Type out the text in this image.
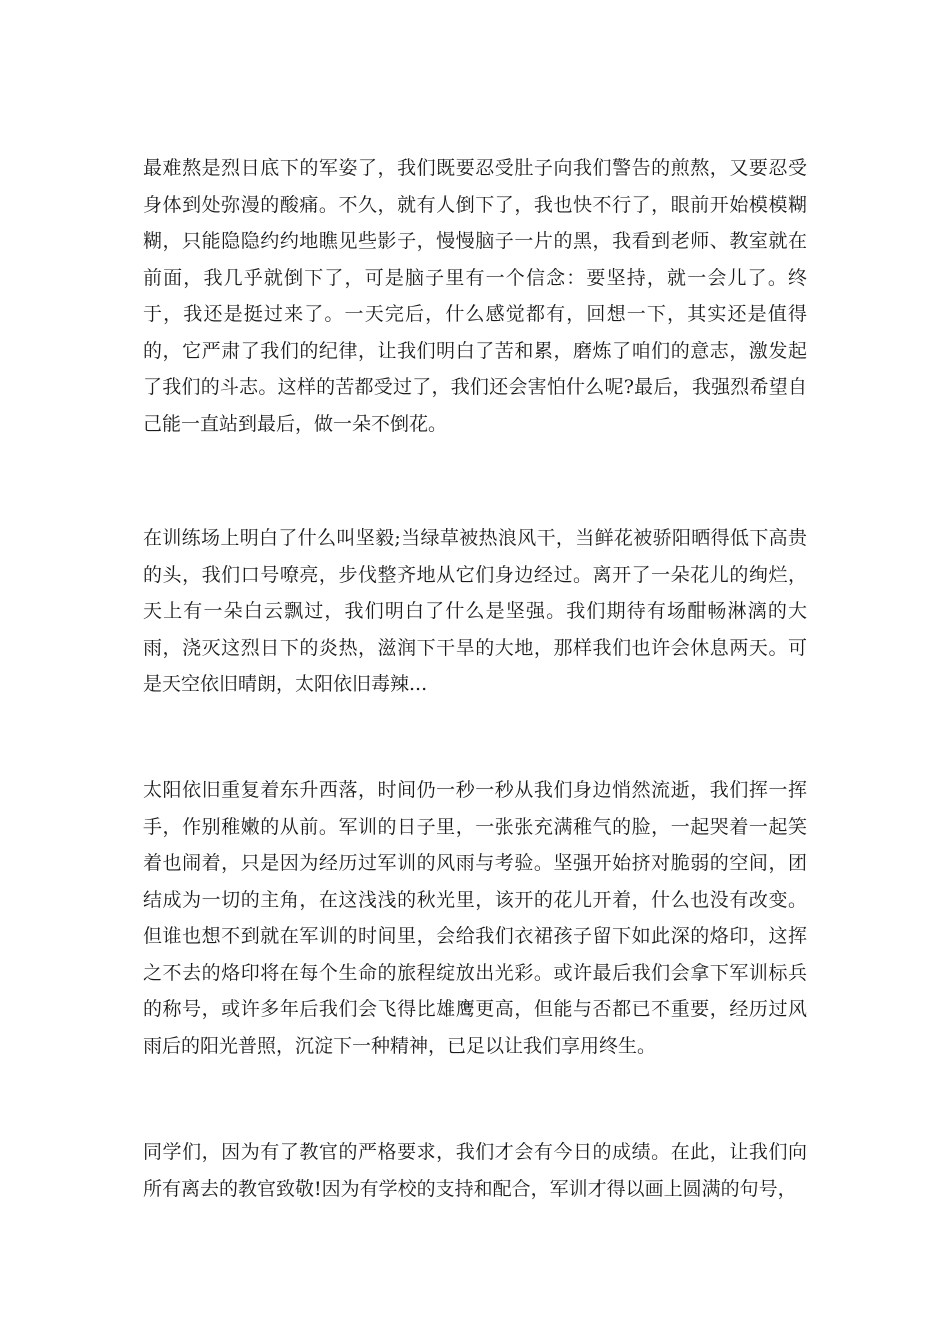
最难熬是烈日底下的军姿了，我们既要忍受肚子向我们警告的煎熬，又要忍受身体到处弥漫的酸痛。不久，就有人倒下了，我也快不行了，眼前开始模模糊糊，只能隐隐约约地瞧见些影子，慢慢脑子一片的黑，我看到老师、教室就在前面，我几乎就倒下了，可是脑子里有一个信念：要坚持，就一会儿了。终于，我还是挺过来了。一天完后，什么感觉都有，回想一下，其实还是值得的，它严肃了我们的纪律，让我们明白了苦和累，磨炼了咱们的意志，激发起了我们的斗志。这样的苦都受过了，我们还会害怕什么呢?最后，我强烈希望自己能一直站到最后，做一朵不倒花。

在训练场上明白了什么叫坚毅;当绿草被热浪风干，当鲜花被骄阳晒得低下高贵的头，我们口号嘹亮，步伐整齐地从它们身边经过。离开了一朵花儿的绚烂，天上有一朵白云飘过，我们明白了什么是坚强。我们期待有场酣畅淋漓的大雨，浇灭这烈日下的炎热，滋润下干旱的大地，那样我们也许会休息两天。可是天空依旧晴朗，太阳依旧毒辣...

太阳依旧重复着东升西落，时间仍一秒一秒从我们身边悄然流逝，我们挥一挥手，作别稚嫩的从前。军训的日子里，一张张充满稚气的脸，一起哭着一起笑着也闹着，只是因为经历过军训的风雨与考验。坚强开始挤对脆弱的空间，团结成为一切的主角，在这浅浅的秋光里，该开的花儿开着，什么也没有改变。但谁也想不到就在军训的时间里，会给我们衣裙孩子留下如此深的烙印，这挥之不去的烙印将在每个生命的旅程绽放出光彩。或许最后我们会拿下军训标兵的称号，或许多年后我们会飞得比雄鹰更高，但能与否都已不重要，经历过风雨后的阳光普照，沉淀下一种精神，已足以让我们享用终生。

同学们，因为有了教官的严格要求，我们才会有今日的成绩。在此，让我们向所有离去的教官致敬!因为有学校的支持和配合，军训才得以画上圆满的句号，
